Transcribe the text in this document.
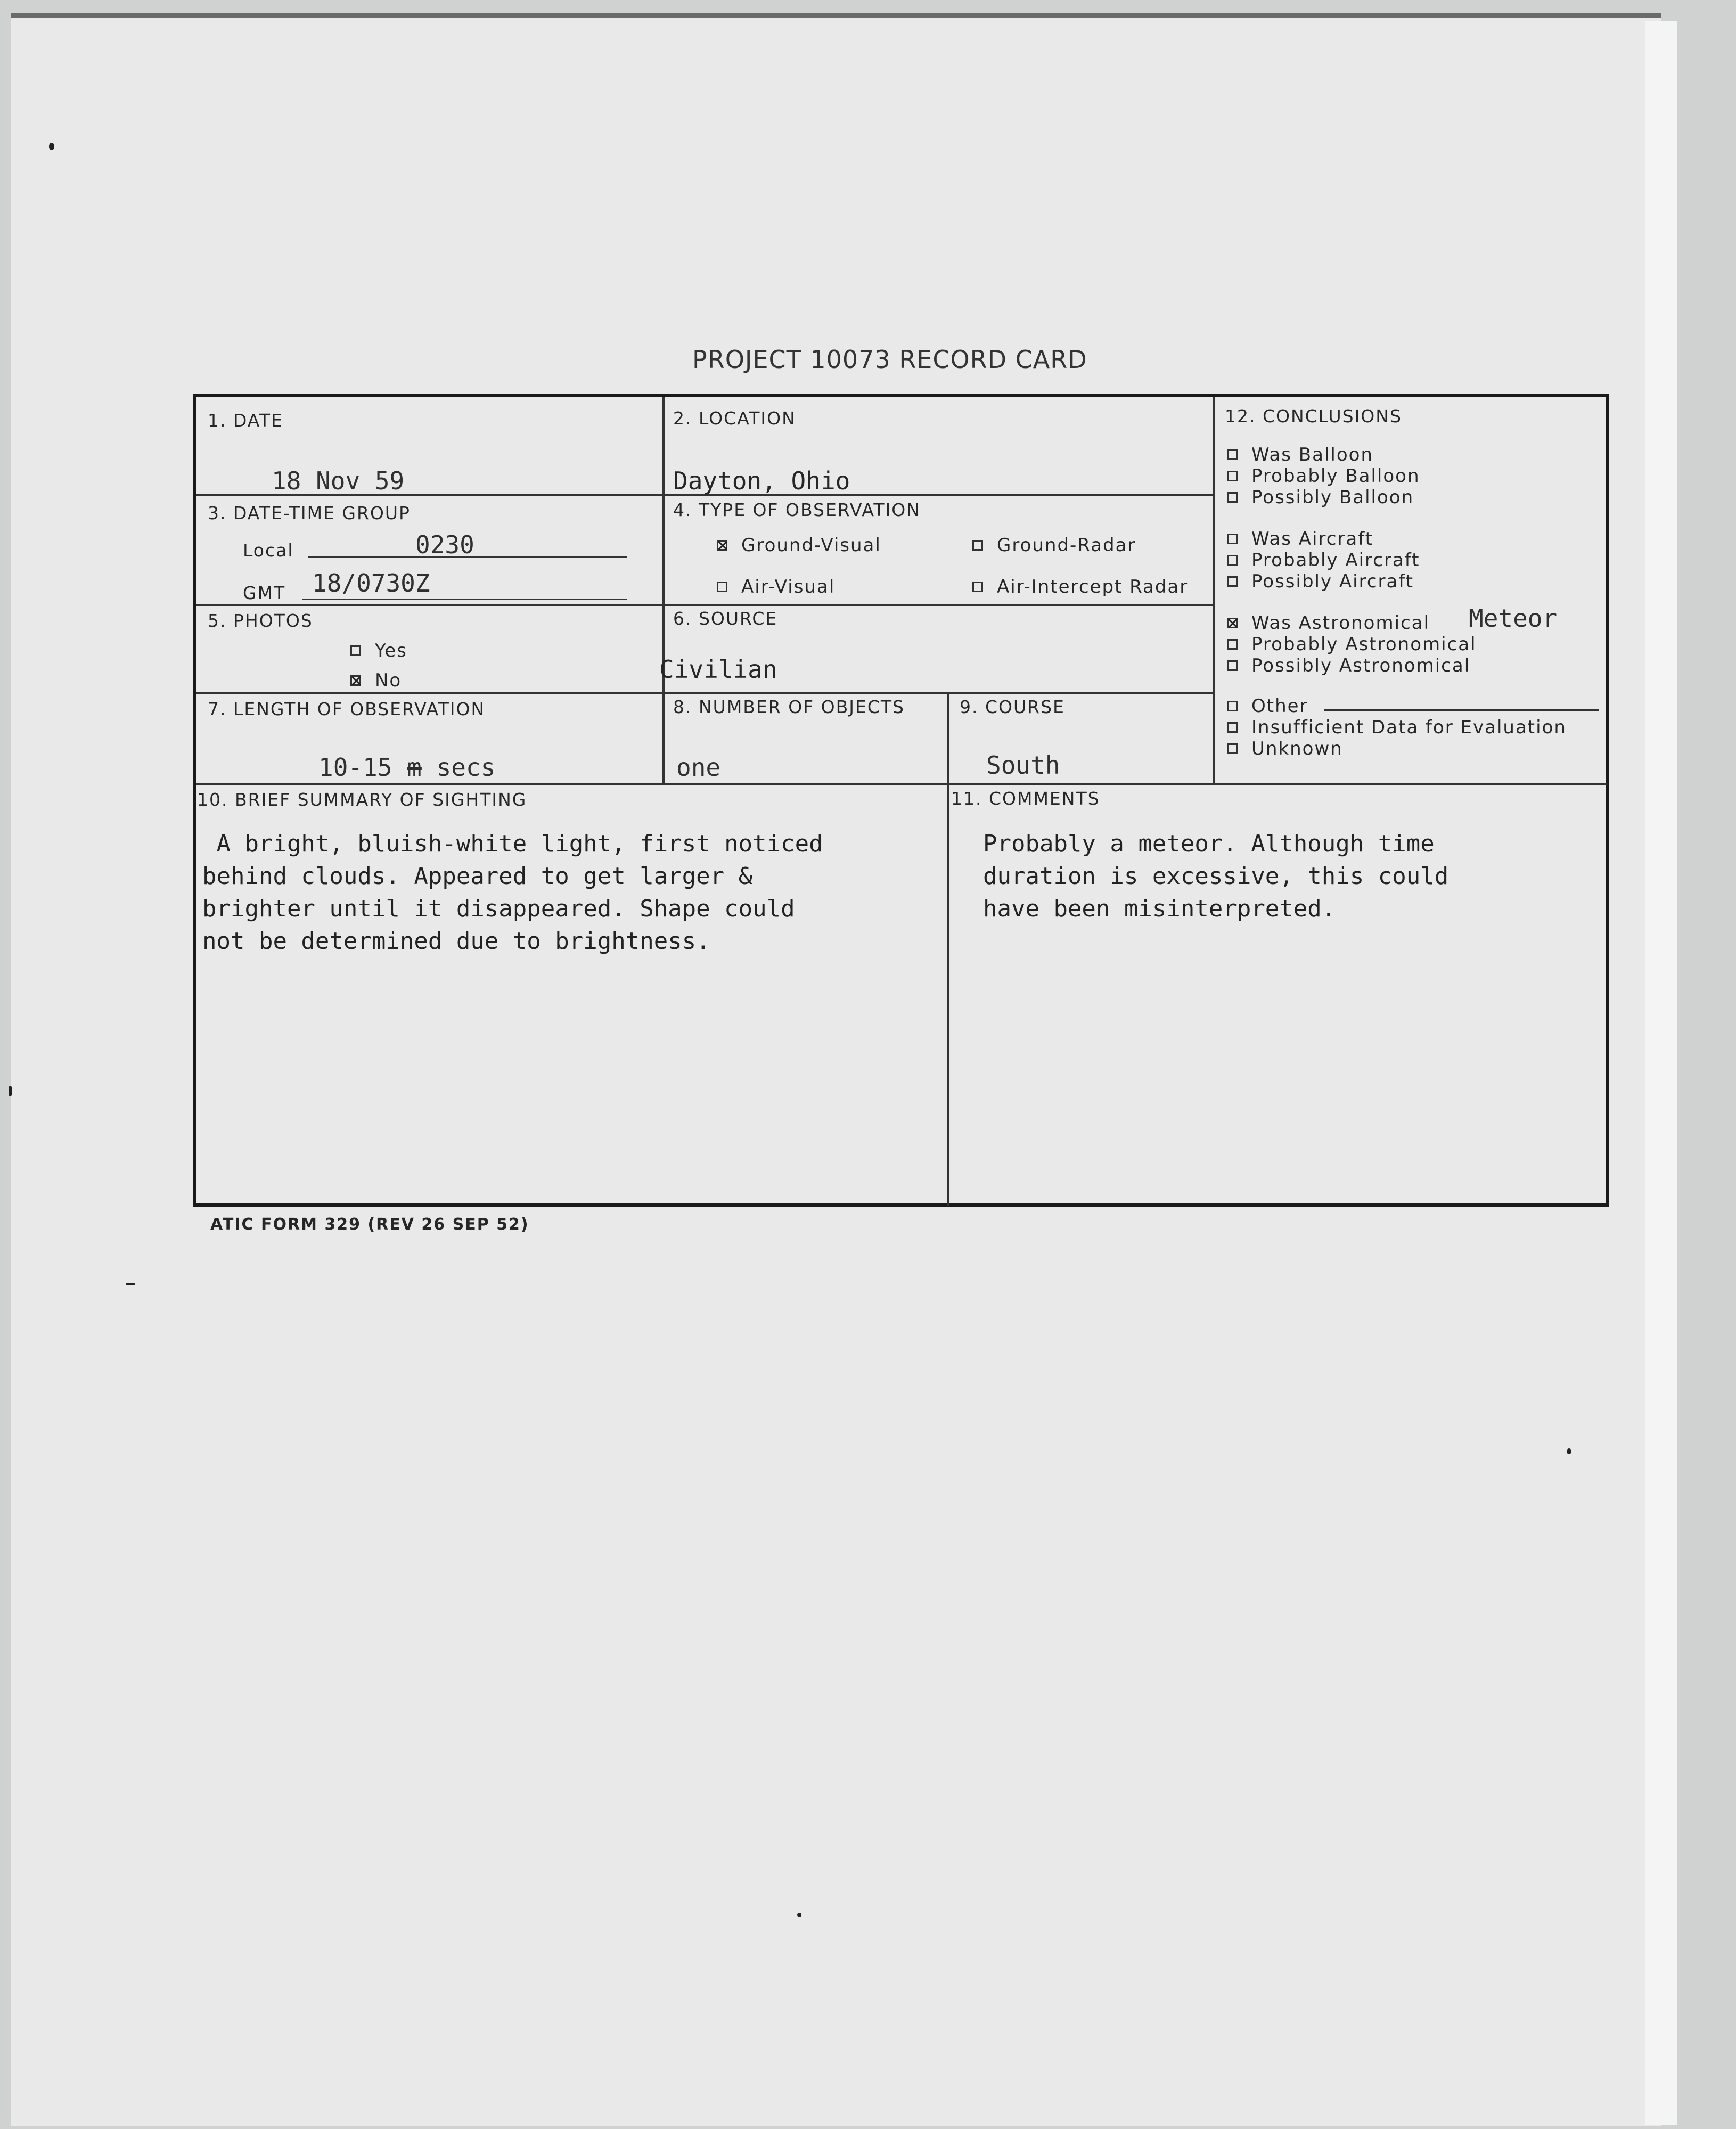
PROJECT 10073 RECORD CARD
1. DATE
18 Nov 59
2. LOCATION
Dayton, Ohio
3. DATE-TIME GROUP
Local	0230
GMT 18/0730Z
4. TYPE OF OBSERVATION
Ground-Visual	Ground-Radar
Air-Visual	Air-Intercept Radar
5. PHOTOS
Yes
No
6. SOURCE
Civilian
7. LENGTH OF OBSERVATION
10-15 m secs
8. NUMBER OF OBJECTS
one
9. COURSE
South
10. BRIEF SUMMARY OF SIGHTING
A bright, bluish-white light, first noticed
behind clouds. Appeared to get larger &
brighter until it disappeared. Shape could
not be determined due to brightness.
11. COMMENTS
Probably a meteor. Although time
duration is excessive, this could
have been misinterpreted.
12. CONCLUSIONS
Was Balloon
Probably Balloon
Possibly Balloon
Was Aircraft
Probably Aircraft
Possibly Aircraft
Was Astronomical Meteor
Probably Astronomical
Possibly Astronomical
Other
Insufficient Data for Evaluation
Unknown
ATIC FORM 329 (REV 26 SEP 52)
